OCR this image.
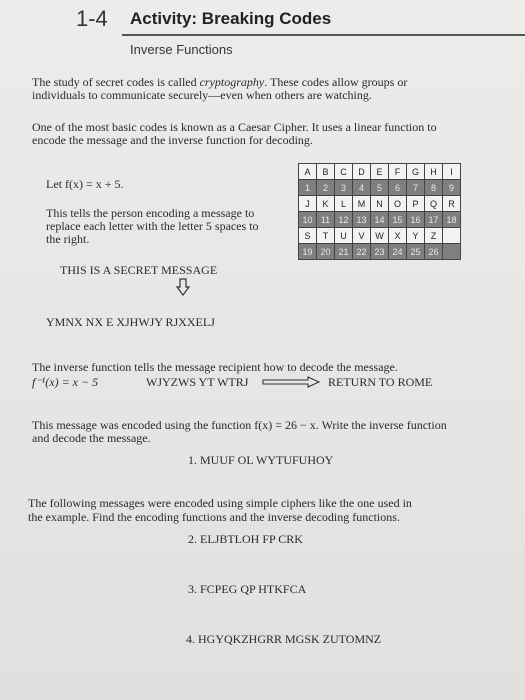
1-4 Activity: Breaking Codes
Inverse Functions

The study of secret codes is called cryptography. These codes allow groups or

individuals to communicate securely—even when others are watching.

One of the most basic codes is known as a Caesar Cipher. It uses a linear function to

encode the message and the inverse function for decoding.

Let f(x) = x + 5.

This tells the person encoding a message to

replace each letter with the letter 5 spaces to

the right.

A	B	C	D	E	F	G	H	I
1	2	3	4	5	6	7	8	9
J	K	L	M	N	O	P	Q	R
10	11	12	13	14	15	16	17	18
S	T	U	V	W	X	Y	Z	
19	20	21	22	23	24	25	26	

THIS IS A SECRET MESSAGE

YMNX NX E XJHWJY RJXXELJ

The inverse function tells the message recipient how to decode the message.

f⁻¹(x) = x − 5	WJYZWS YT WTRJ	RETURN TO ROME

This message was encoded using the function f(x) = 26 − x. Write the inverse function

and decode the message.

1. MUUF OL WYTUFUHOY

The following messages were encoded using simple ciphers like the one used in

the example. Find the encoding functions and the inverse decoding functions.

2. ELJBTLOH FP CRK

3. FCPEG QP HTKFCA

4. HGYQKZHGRR MGSK ZUTOMNZ
